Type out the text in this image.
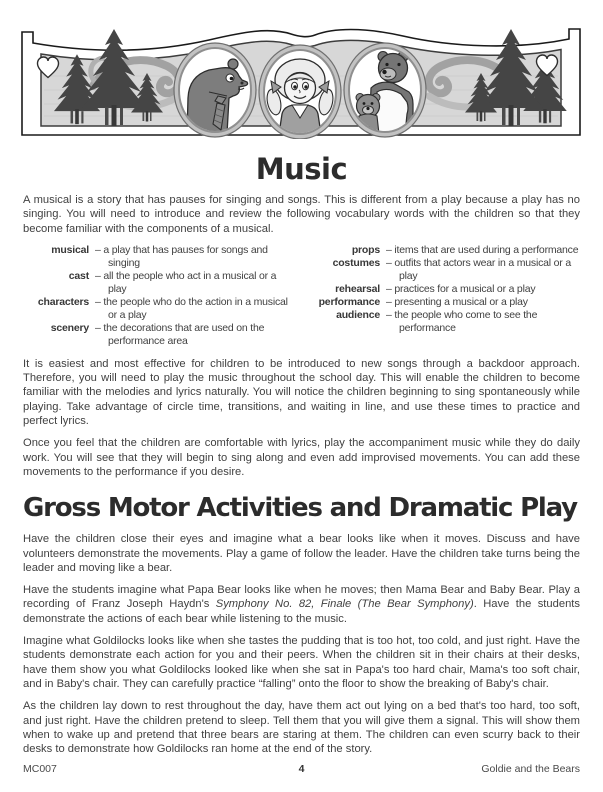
Music

A musical is a story that has pauses for singing and songs. This is different from a play because a play has no singing. You will need to introduce and review the following vocabulary words with the children so that they become familiar with the components of a musical.

musical – a play that has pauses for songs and singing
cast – all the people who act in a musical or a play
characters – the people who do the action in a musical or a play
scenery – the decorations that are used on the performance area
props – items that are used during a performance
costumes – outfits that actors wear in a musical or a play
rehearsal – practices for a musical or a play
performance – presenting a musical or a play
audience – the people who come to see the performance

It is easiest and most effective for children to be introduced to new songs through a backdoor approach. Therefore, you will need to play the music throughout the school day. This will enable the children to become familiar with the melodies and lyrics naturally. You will notice the children beginning to sing spontaneously while playing. Take advantage of circle time, transitions, and waiting in line, and use these times to practice and perfect lyrics.

Once you feel that the children are comfortable with lyrics, play the accompaniment music while they do daily work. You will see that they will begin to sing along and even add improvised movements. You can add these movements to the performance if you desire.

Gross Motor Activities and Dramatic Play

Have the children close their eyes and imagine what a bear looks like when it moves. Discuss and have volunteers demonstrate the movements. Play a game of follow the leader. Have the children take turns being the leader and moving like a bear.

Have the students imagine what Papa Bear looks like when he moves; then Mama Bear and Baby Bear. Play a recording of Franz Joseph Haydn's Symphony No. 82, Finale (The Bear Symphony). Have the students demonstrate the actions of each bear while listening to the music.

Imagine what Goldilocks looks like when she tastes the pudding that is too hot, too cold, and just right. Have the students demonstrate each action for you and their peers. When the children sit in their chairs at their desks, have them show you what Goldilocks looked like when she sat in Papa's too hard chair, Mama's too soft chair, and in Baby's chair. They can carefully practice “falling” onto the floor to show the breaking of Baby's chair.

As the children lay down to rest throughout the day, have them act out lying on a bed that's too hard, too soft, and just right. Have the children pretend to sleep. Tell them that you will give them a signal. This will show them when to wake up and pretend that three bears are staring at them. The children can even scurry back to their desks to demonstrate how Goldilocks ran home at the end of the story.

MC007	4	Goldie and the Bears
